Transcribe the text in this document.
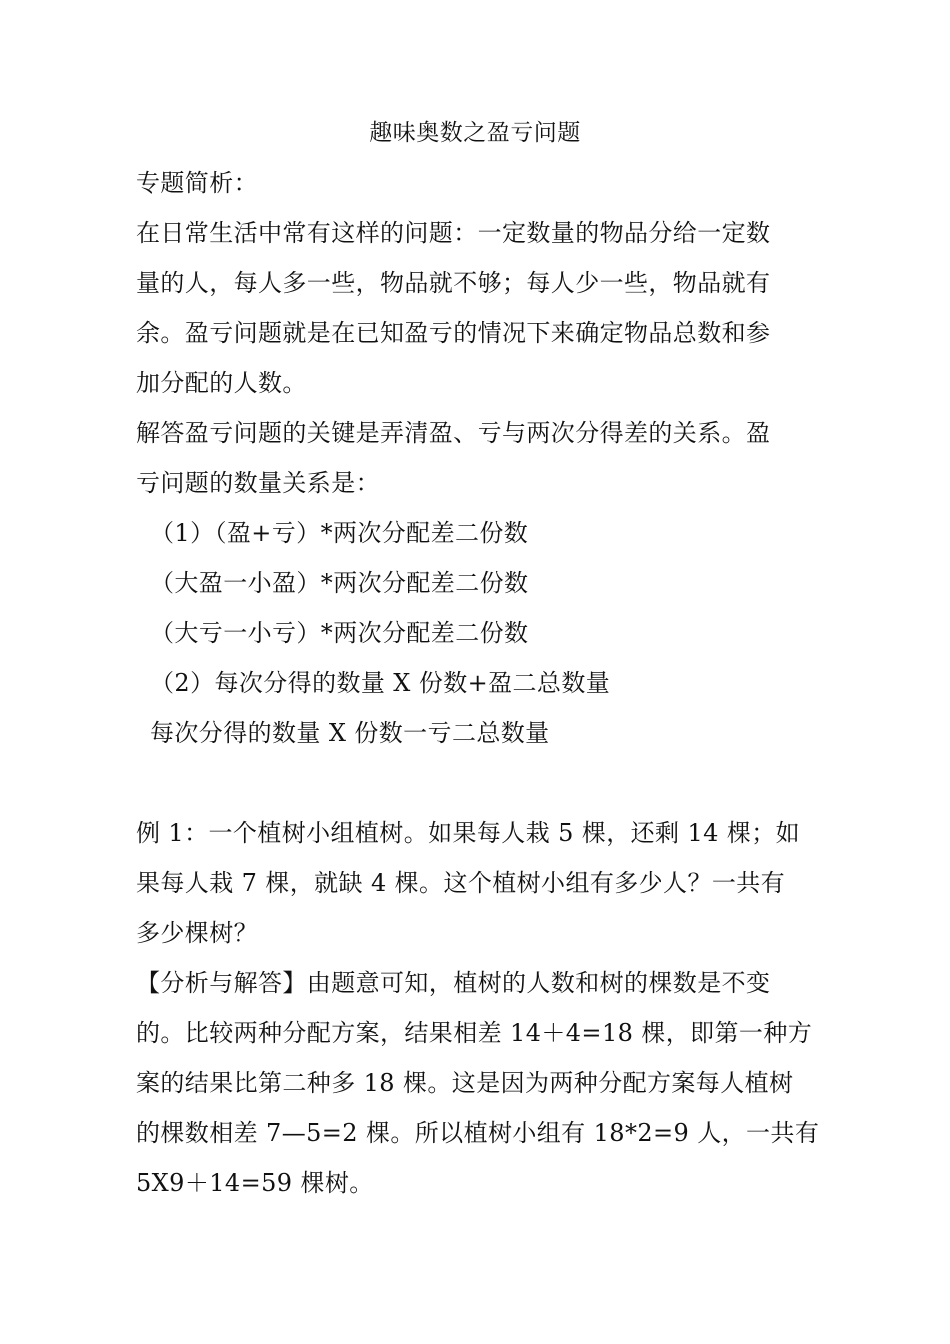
趣味奥数之盈亏问题
专题简析：
在日常生活中常有这样的问题：一定数量的物品分给一定数
量的人，每人多一些，物品就不够；每人少一些，物品就有
余。盈亏问题就是在已知盈亏的情况下来确定物品总数和参
加分配的人数。
解答盈亏问题的关键是弄清盈、亏与两次分得差的关系。盈
亏问题的数量关系是：
（1）（盈+亏）*两次分配差二份数
（大盈一小盈）*两次分配差二份数
（大亏一小亏）*两次分配差二份数
（2）每次分得的数量 X 份数+盈二总数量
每次分得的数量 X 份数一亏二总数量
例 1：一个植树小组植树。如果每人栽 5 棵，还剩 14 棵；如
果每人栽 7 棵，就缺 4 棵。这个植树小组有多少人？一共有
多少棵树？
【分析与解答】由题意可知，植树的人数和树的棵数是不变
的。比较两种分配方案，结果相差 14＋4=18 棵，即第一种方
案的结果比第二种多 18 棵。这是因为两种分配方案每人植树
的棵数相差 7—5=2 棵。所以植树小组有 18*2=9 人，一共有
5X9＋14=59 棵树。
